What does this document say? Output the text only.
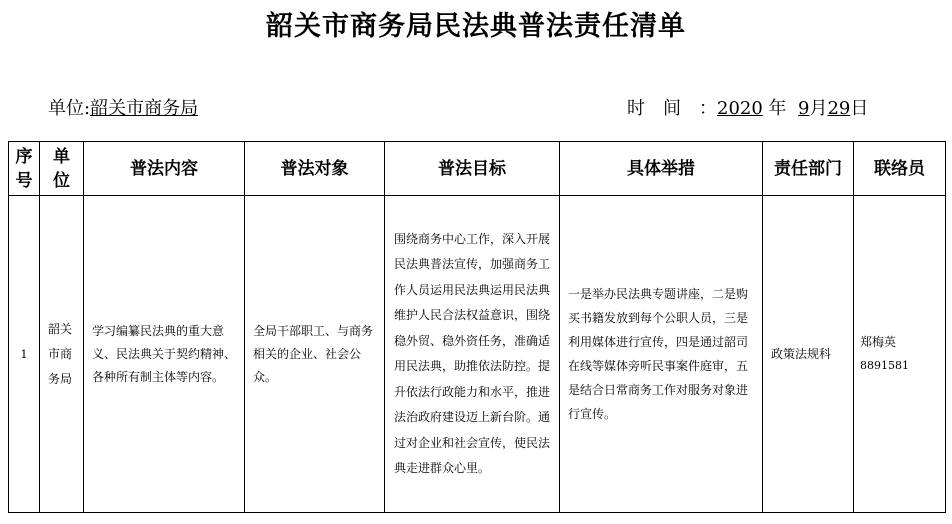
韶关市商务局民法典普法责任清单
单位:韶关市商务局	时　间　：2020 年 9月29日
序号	单位	普法内容	普法对象	普法目标	具体举措	责任部门	联络员
1	韶关市商务局	学习编纂民法典的重大意义、民法典关于契约精神、各种所有制主体等内容。	全局干部职工、与商务相关的企业、社会公众。	围绕商务中心工作，深入开展民法典普法宣传，加强商务工作人员运用民法典运用民法典维护人民合法权益意识，围绕稳外贸、稳外资任务，准确适用民法典，助推依法防控。提升依法行政能力和水平，推进法治政府建设迈上新台阶。通过对企业和社会宣传，使民法典走进群众心里。	一是举办民法典专题讲座，二是购买书籍发放到每个公职人员，三是利用媒体进行宣传，四是通过韶司在线等媒体旁听民事案件庭审，五是结合日常商务工作对服务对象进行宣传。	政策法规科	郑梅英
8891581
